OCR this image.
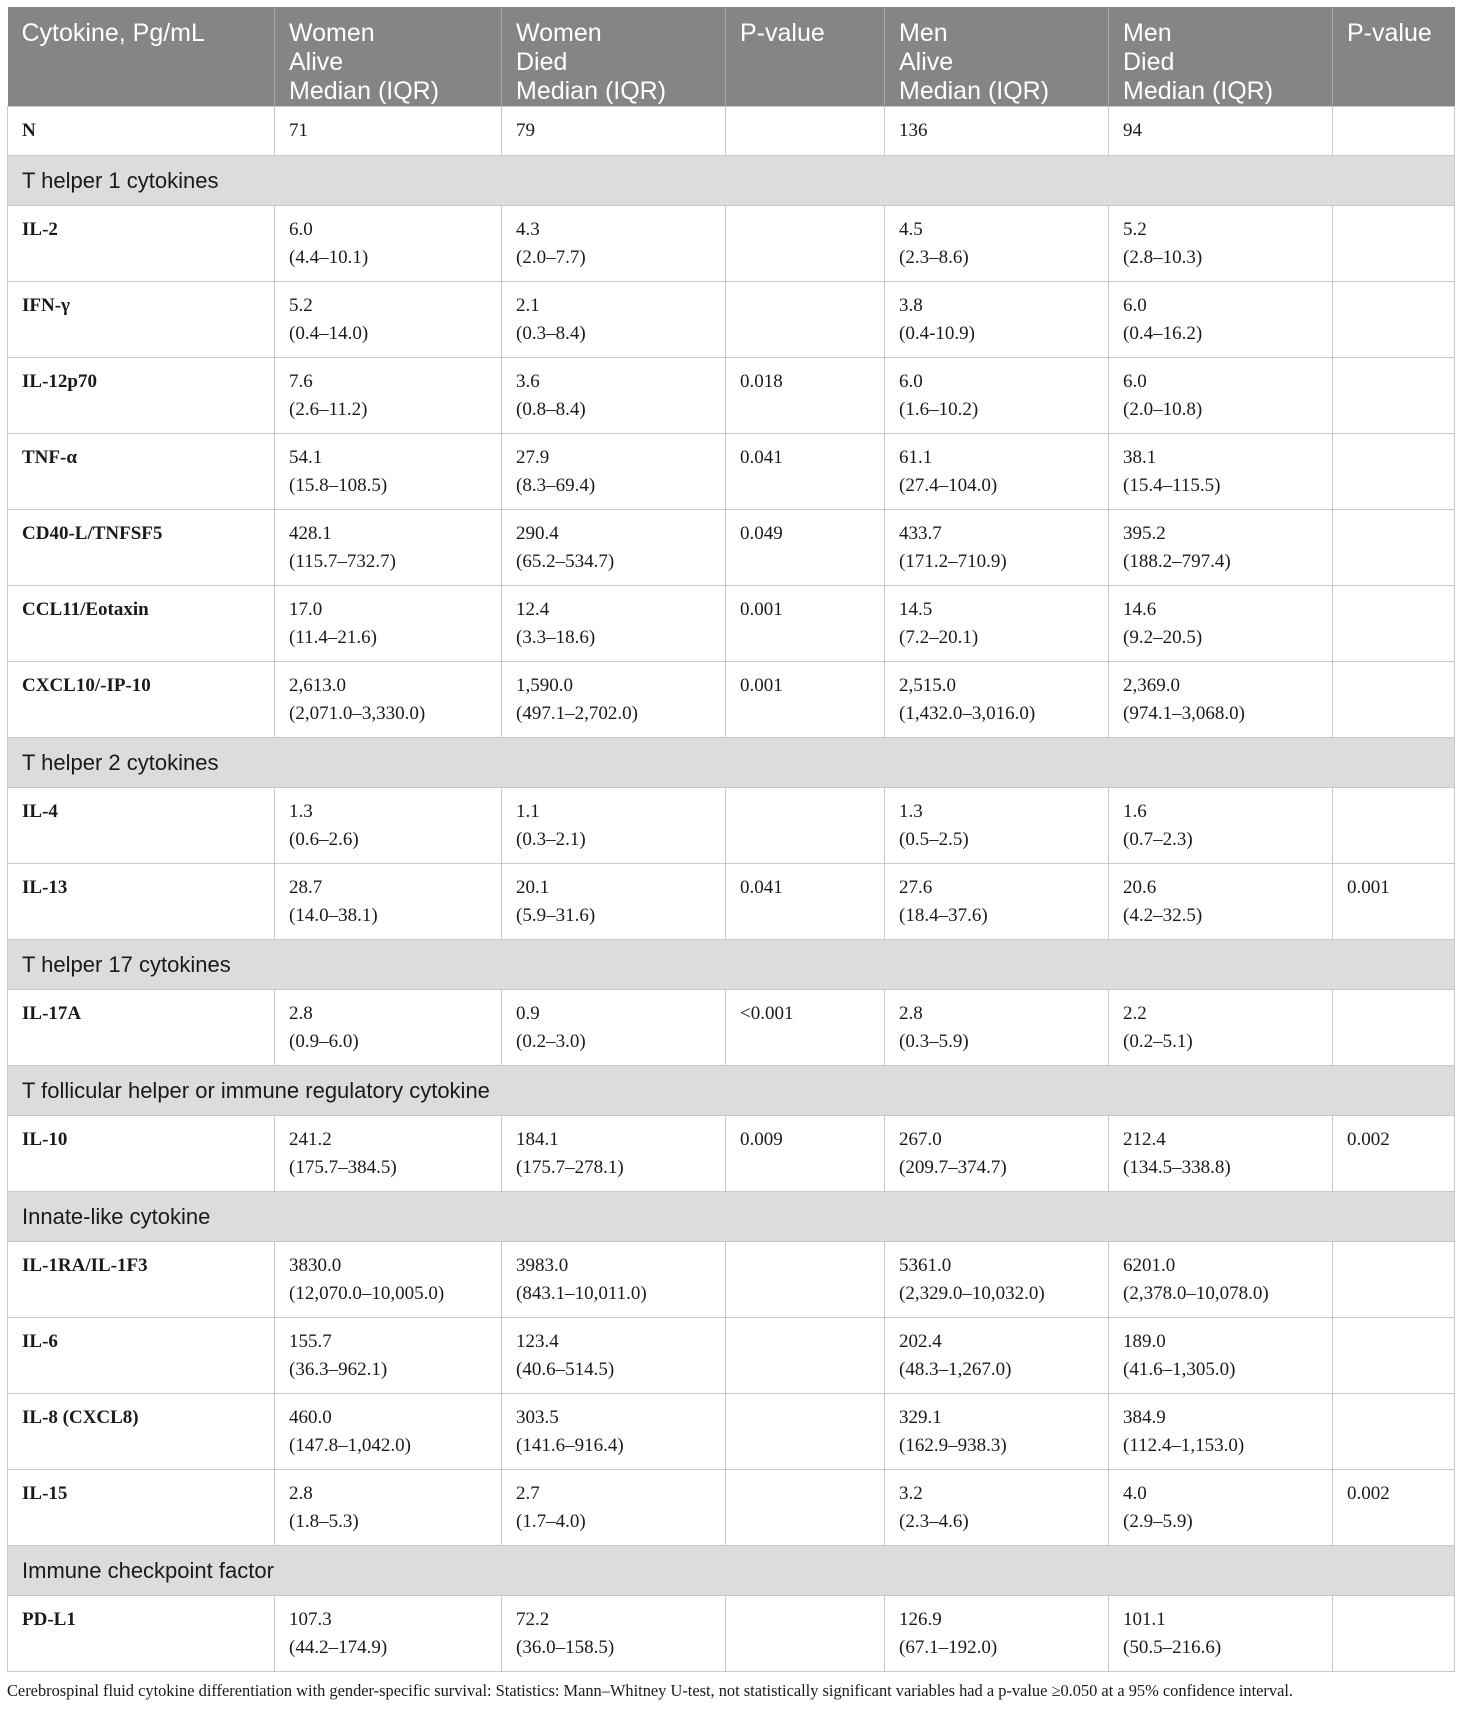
Cytokine, Pg/mL	Women
Alive
Median (IQR)	Women
Died
Median (IQR)	P-value	Men
Alive
Median (IQR)	Men
Died
Median (IQR)	P-value

N	71	79		136	94	
T helper 1 cytokines						
IL-2	6.0
(4.4–10.1)	4.3
(2.0–7.7)		4.5
(2.3–8.6)	5.2
(2.8–10.3)	

IFN-γ	5.2
(0.4–14.0)	2.1
(0.3–8.4)		3.8
(0.4-10.9)	6.0
(0.4–16.2)	

IL-12p70	7.6
(2.6–11.2)	3.6
(0.8–8.4)	0.018	6.0
(1.6–10.2)	6.0
(2.0–10.8)	

TNF-α	54.1
(15.8–108.5)	27.9
(8.3–69.4)	0.041	61.1
(27.4–104.0)	38.1
(15.4–115.5)	

CD40-L/TNFSF5	428.1
(115.7–732.7)	290.4
(65.2–534.7)	0.049	433.7
(171.2–710.9)	395.2
(188.2–797.4)	

CCL11/Eotaxin	17.0
(11.4–21.6)	12.4
(3.3–18.6)	0.001	14.5
(7.2–20.1)	14.6
(9.2–20.5)	

CXCL10/-IP-10	2,613.0
(2,071.0–3,330.0)	1,590.0
(497.1–2,702.0)	0.001	2,515.0
(1,432.0–3,016.0)	2,369.0
(974.1–3,068.0)	

T helper 2 cytokines						
IL-4	1.3
(0.6–2.6)	1.1
(0.3–2.1)		1.3
(0.5–2.5)	1.6
(0.7–2.3)	

IL-13	28.7
(14.0–38.1)	20.1
(5.9–31.6)	0.041	27.6
(18.4–37.6)	20.6
(4.2–32.5)	0.001
T helper 17 cytokines						
IL-17A	2.8
(0.9–6.0)	0.9
(0.2–3.0)	<0.001	2.8
(0.3–5.9)	2.2
(0.2–5.1)	

T follicular helper or immune regulatory cytokine						
IL-10	241.2
(175.7–384.5)	184.1
(175.7–278.1)	0.009	267.0
(209.7–374.7)	212.4
(134.5–338.8)	0.002
Innate-like cytokine						
IL-1RA/IL-1F3	3830.0
(12,070.0–10,005.0)	3983.0
(843.1–10,011.0)		5361.0
(2,329.0–10,032.0)	6201.0
(2,378.0–10,078.0)	

IL-6	155.7
(36.3–962.1)	123.4
(40.6–514.5)		202.4
(48.3–1,267.0)	189.0
(41.6–1,305.0)	

IL-8 (CXCL8)	460.0
(147.8–1,042.0)	303.5
(141.6–916.4)		329.1
(162.9–938.3)	384.9
(112.4–1,153.0)	

IL-15	2.8
(1.8–5.3)	2.7
(1.7–4.0)		3.2
(2.3–4.6)	4.0
(2.9–5.9)	0.002
Immune checkpoint factor						
PD-L1	107.3
(44.2–174.9)	72.2
(36.0–158.5)		126.9
(67.1–192.0)	101.1
(50.5–216.6)	

Cerebrospinal fluid cytokine differentiation with gender-specific survival: Statistics: Mann–Whitney U-test, not statistically significant variables had a p-value ≥0.050 at a 95% confidence interval.
